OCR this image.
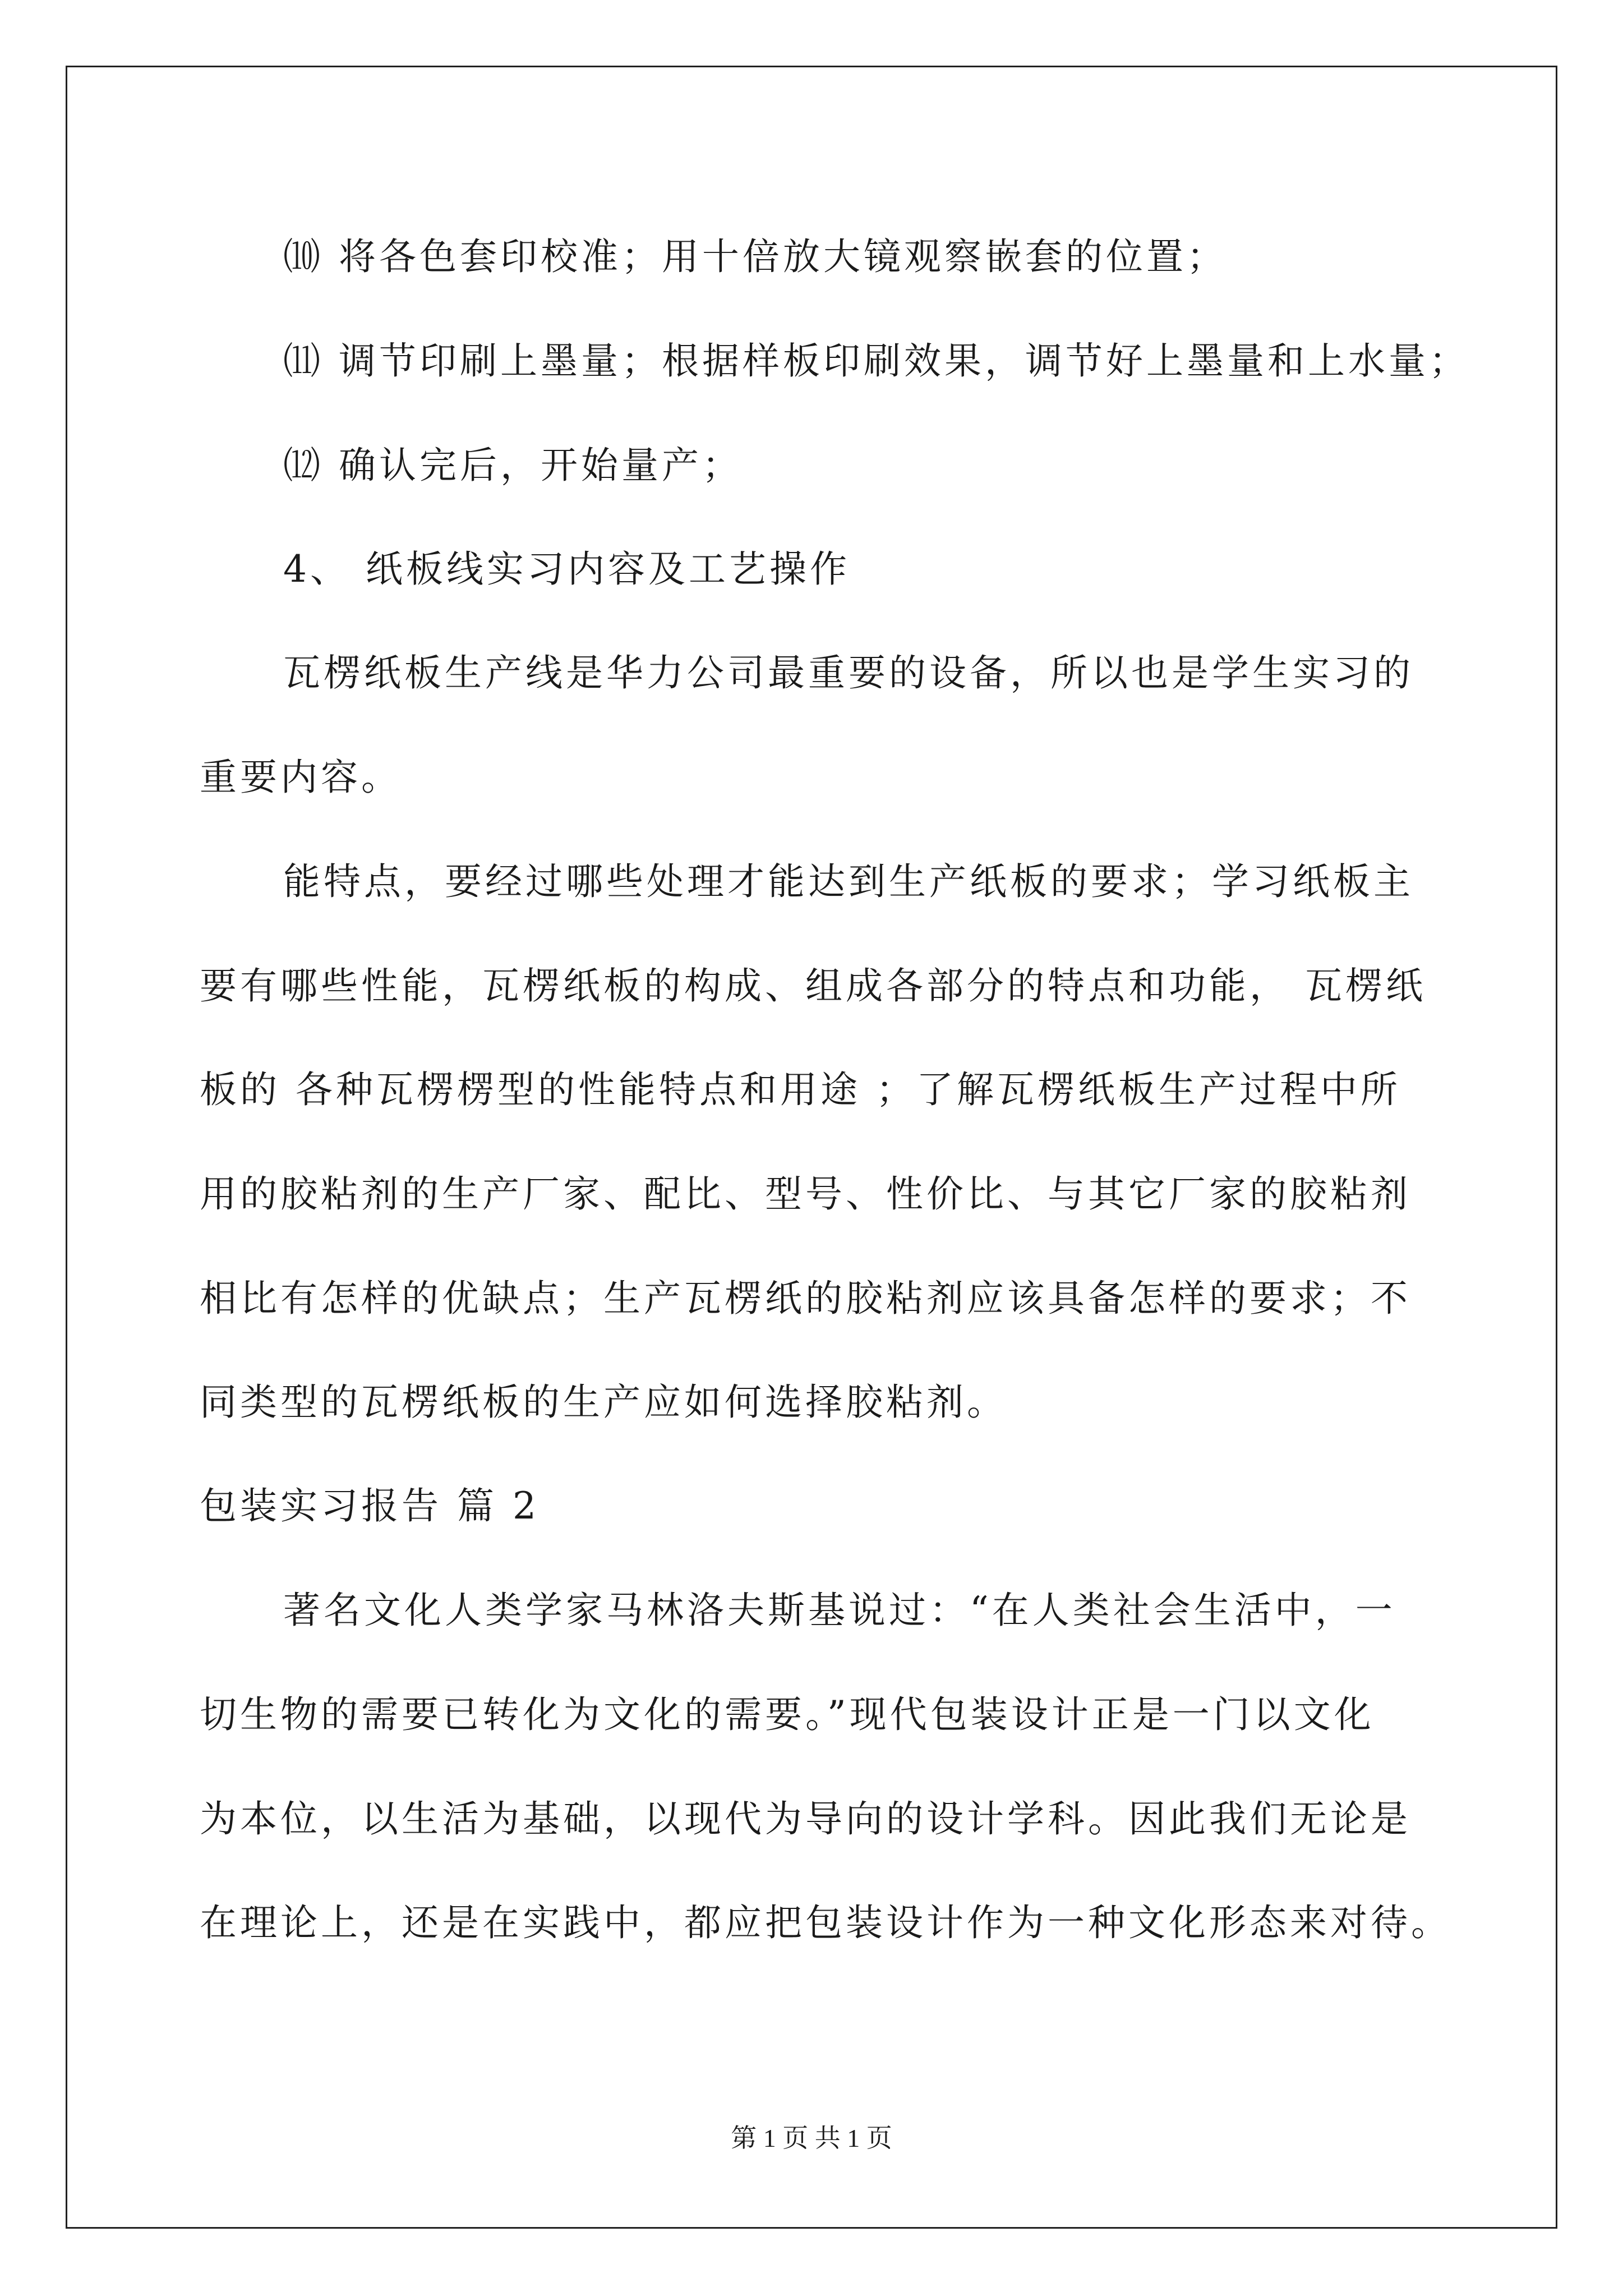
⑽ 将各色套印校准；用十倍放大镜观察嵌套的位置；
⑾ 调节印刷上墨量；根据样板印刷效果，调节好上墨量和上水量；
⑿ 确认完后，开始量产；
4、 纸板线实习内容及工艺操作
瓦楞纸板生产线是华力公司最重要的设备，所以也是学生实习的
重要内容。
能特点，要经过哪些处理才能达到生产纸板的要求；学习纸板主
要有哪些性能，瓦楞纸板的构成、组成各部分的特点和功能， 瓦楞纸
板的 各种瓦楞楞型的性能特点和用途 ；了解瓦楞纸板生产过程中所
用的胶粘剂的生产厂家、配比、型号、性价比、与其它厂家的胶粘剂
相比有怎样的优缺点；生产瓦楞纸的胶粘剂应该具备怎样的要求；不
同类型的瓦楞纸板的生产应如何选择胶粘剂。
包装实习报告 篇 2
著名文化人类学家马林洛夫斯基说过：“在人类社会生活中，一
切生物的需要已转化为文化的需要。”现代包装设计正是一门以文化
为本位，以生活为基础，以现代为导向的设计学科。因此我们无论是
在理论上，还是在实践中，都应把包装设计作为一种文化形态来对待。
第 1 页 共 1 页
